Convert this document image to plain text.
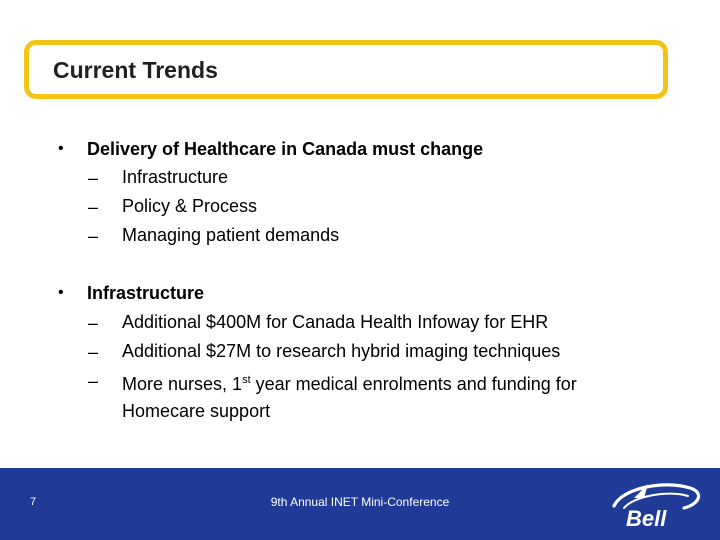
Current Trends
• Delivery of Healthcare in Canada must change
– Infrastructure
– Policy & Process
– Managing patient demands
• Infrastructure
– Additional $400M for Canada Health Infoway for EHR
– Additional $27M to research hybrid imaging techniques
– More nurses, 1st year medical enrolments and funding for Homecare support
7	9th Annual INET Mini-Conference
Bell
